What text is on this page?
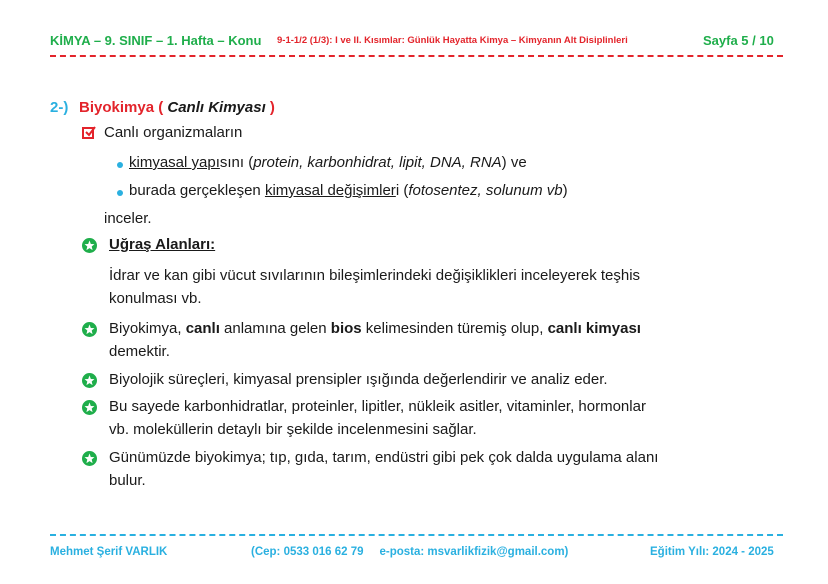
KİMYA – 9. SINIF – 1. Hafta – Konu 9-1-1/2 (1/3): I ve II. Kısımlar: Günlük Hayatta Kimya – Kimyanın Alt Disiplinleri	Sayfa 5 / 10
2-) Biyokimya ( Canlı Kimyası )
Canlı organizmaların
kimyasal yapısını (protein, karbonhidrat, lipit, DNA, RNA) ve
burada gerçekleşen kimyasal değişimleri (fotosentez, solunum vb)
inceler.
Uğraş Alanları:
İdrar ve kan gibi vücut sıvılarının bileşimlerindeki değişiklikleri inceleyerek teşhis
konulması vb.
Biyokimya, canlı anlamına gelen bios kelimesinden türemiş olup, canlı kimyası
demektir.
Biyolojik süreçleri, kimyasal prensipler ışığında değerlendirir ve analiz eder.
Bu sayede karbonhidratlar, proteinler, lipitler, nükleik asitler, vitaminler, hormonlar
vb. moleküllerin detaylı bir şekilde incelenmesini sağlar.
Günümüzde biyokimya; tıp, gıda, tarım, endüstri gibi pek çok dalda uygulama alanı
bulur.
Mehmet Şerif VARLIK	(Cep: 0533 016 62 79     e-posta: msvarlikfizik@gmail.com)	Eğitim Yılı: 2024 - 2025
